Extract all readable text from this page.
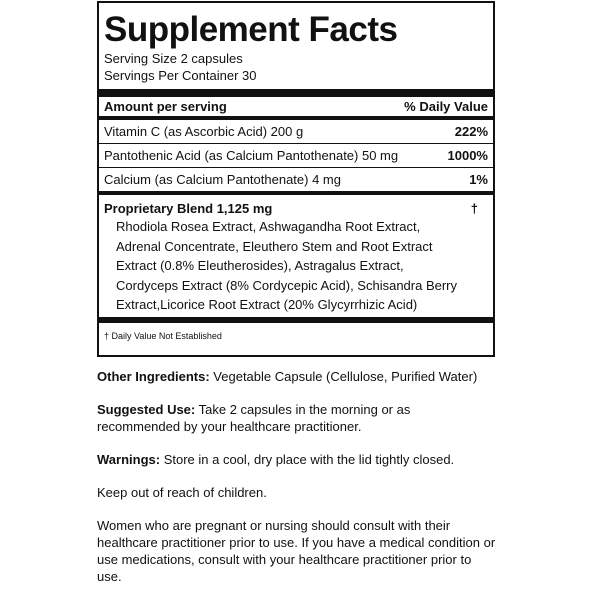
Supplement Facts
Serving Size 2 capsules
Servings Per Container 30
Amount per serving	% Daily Value
Vitamin C (as Ascorbic Acid) 200 g	222%
Pantothenic Acid (as Calcium Pantothenate) 50 mg	1000%
Calcium (as Calcium Pantothenate) 4 mg	1%
Proprietary Blend 1,125 mg	†
Rhodiola Rosea Extract, Ashwagandha Root Extract,
Adrenal Concentrate, Eleuthero Stem and Root Extract
Extract (0.8% Eleutherosides), Astragalus Extract,
Cordyceps Extract (8% Cordycepic Acid), Schisandra Berry
Extract,Licorice Root Extract (20% Glycyrrhizic Acid)
† Daily Value Not Established

Other Ingredients: Vegetable Capsule (Cellulose, Purified Water)

Suggested Use: Take 2 capsules in the morning or as recommended by your healthcare practitioner.

Warnings: Store in a cool, dry place with the lid tightly closed.

Keep out of reach of children.

Women who are pregnant or nursing should consult with their healthcare practitioner prior to use. If you have a medical condition or use medications, consult with your healthcare practitioner prior to use.
